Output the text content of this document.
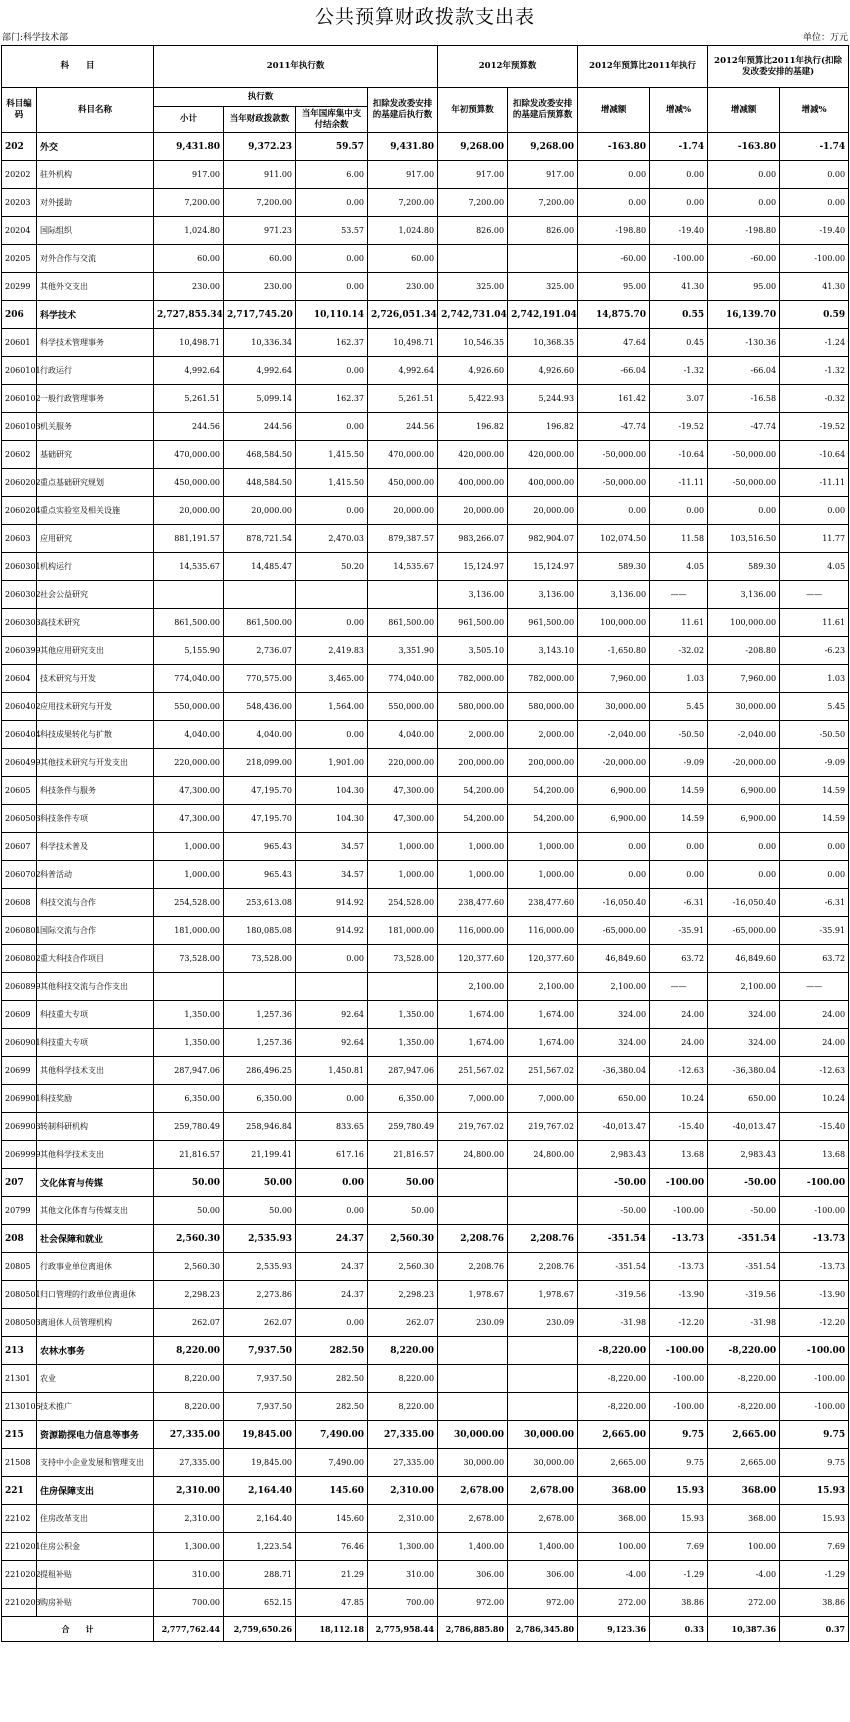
公共预算财政拨款支出表
部门:科学技术部	单位：万元
科　　目		2011年执行数				2012年预算数		2012年预算比2011年执行		2012年预算比2011年执行(扣除发改委安排的基建)	
科目编码	科目名称	执行数			扣除发改委安排的基建后执行数	年初预算数	扣除发改委安排的基建后预算数	增减额	增减%	增减额	增减%
		小计	当年财政拨款数	当年国库集中支付结余数							
202	外交	9,431.80	9,372.23	59.57	9,431.80	9,268.00	9,268.00	-163.80	-1.74	-163.80	-1.74
20202	驻外机构	917.00	911.00	6.00	917.00	917.00	917.00	0.00	0.00	0.00	0.00
20203	对外援助	7,200.00	7,200.00	0.00	7,200.00	7,200.00	7,200.00	0.00	0.00	0.00	0.00
20204	国际组织	1,024.80	971.23	53.57	1,024.80	826.00	826.00	-198.80	-19.40	-198.80	-19.40
20205	对外合作与交流	60.00	60.00	0.00	60.00			-60.00	-100.00	-60.00	-100.00
20299	其他外交支出	230.00	230.00	0.00	230.00	325.00	325.00	95.00	41.30	95.00	41.30
206	科学技术	2,727,855.34	2,717,745.20	10,110.14	2,726,051.34	2,742,731.04	2,742,191.04	14,875.70	0.55	16,139.70	0.59
20601	科学技术管理事务	10,498.71	10,336.34	162.37	10,498.71	10,546.35	10,368.35	47.64	0.45	-130.36	-1.24
2060101	行政运行	4,992.64	4,992.64	0.00	4,992.64	4,926.60	4,926.60	-66.04	-1.32	-66.04	-1.32
2060102	一般行政管理事务	5,261.51	5,099.14	162.37	5,261.51	5,422.93	5,244.93	161.42	3.07	-16.58	-0.32
2060103	机关服务	244.56	244.56	0.00	244.56	196.82	196.82	-47.74	-19.52	-47.74	-19.52
20602	基础研究	470,000.00	468,584.50	1,415.50	470,000.00	420,000.00	420,000.00	-50,000.00	-10.64	-50,000.00	-10.64
2060202	重点基础研究规划	450,000.00	448,584.50	1,415.50	450,000.00	400,000.00	400,000.00	-50,000.00	-11.11	-50,000.00	-11.11
2060204	重点实验室及相关设施	20,000.00	20,000.00	0.00	20,000.00	20,000.00	20,000.00	0.00	0.00	0.00	0.00
20603	应用研究	881,191.57	878,721.54	2,470.03	879,387.57	983,266.07	982,904.07	102,074.50	11.58	103,516.50	11.77
2060301	机构运行	14,535.67	14,485.47	50.20	14,535.67	15,124.97	15,124.97	589.30	4.05	589.30	4.05
2060302	社会公益研究					3,136.00	3,136.00	3,136.00	——	3,136.00	——
2060303	高技术研究	861,500.00	861,500.00	0.00	861,500.00	961,500.00	961,500.00	100,000.00	11.61	100,000.00	11.61
2060399	其他应用研究支出	5,155.90	2,736.07	2,419.83	3,351.90	3,505.10	3,143.10	-1,650.80	-32.02	-208.80	-6.23
20604	技术研究与开发	774,040.00	770,575.00	3,465.00	774,040.00	782,000.00	782,000.00	7,960.00	1.03	7,960.00	1.03
2060402	应用技术研究与开发	550,000.00	548,436.00	1,564.00	550,000.00	580,000.00	580,000.00	30,000.00	5.45	30,000.00	5.45
2060404	科技成果转化与扩散	4,040.00	4,040.00	0.00	4,040.00	2,000.00	2,000.00	-2,040.00	-50.50	-2,040.00	-50.50
2060499	其他技术研究与开发支出	220,000.00	218,099.00	1,901.00	220,000.00	200,000.00	200,000.00	-20,000.00	-9.09	-20,000.00	-9.09
20605	科技条件与服务	47,300.00	47,195.70	104.30	47,300.00	54,200.00	54,200.00	6,900.00	14.59	6,900.00	14.59
2060503	科技条件专项	47,300.00	47,195.70	104.30	47,300.00	54,200.00	54,200.00	6,900.00	14.59	6,900.00	14.59
20607	科学技术普及	1,000.00	965.43	34.57	1,000.00	1,000.00	1,000.00	0.00	0.00	0.00	0.00
2060702	科普活动	1,000.00	965.43	34.57	1,000.00	1,000.00	1,000.00	0.00	0.00	0.00	0.00
20608	科技交流与合作	254,528.00	253,613.08	914.92	254,528.00	238,477.60	238,477.60	-16,050.40	-6.31	-16,050.40	-6.31
2060801	国际交流与合作	181,000.00	180,085.08	914.92	181,000.00	116,000.00	116,000.00	-65,000.00	-35.91	-65,000.00	-35.91
2060802	重大科技合作项目	73,528.00	73,528.00	0.00	73,528.00	120,377.60	120,377.60	46,849.60	63.72	46,849.60	63.72
2060899	其他科技交流与合作支出					2,100.00	2,100.00	2,100.00	——	2,100.00	——
20609	科技重大专项	1,350.00	1,257.36	92.64	1,350.00	1,674.00	1,674.00	324.00	24.00	324.00	24.00
2060901	科技重大专项	1,350.00	1,257.36	92.64	1,350.00	1,674.00	1,674.00	324.00	24.00	324.00	24.00
20699	其他科学技术支出	287,947.06	286,496.25	1,450.81	287,947.06	251,567.02	251,567.02	-36,380.04	-12.63	-36,380.04	-12.63
2069901	科技奖励	6,350.00	6,350.00	0.00	6,350.00	7,000.00	7,000.00	650.00	10.24	650.00	10.24
2069903	转制科研机构	259,780.49	258,946.84	833.65	259,780.49	219,767.02	219,767.02	-40,013.47	-15.40	-40,013.47	-15.40
2069999	其他科学技术支出	21,816.57	21,199.41	617.16	21,816.57	24,800.00	24,800.00	2,983.43	13.68	2,983.43	13.68
207	文化体育与传媒	50.00	50.00	0.00	50.00			-50.00	-100.00	-50.00	-100.00
20799	其他文化体育与传媒支出	50.00	50.00	0.00	50.00			-50.00	-100.00	-50.00	-100.00
208	社会保障和就业	2,560.30	2,535.93	24.37	2,560.30	2,208.76	2,208.76	-351.54	-13.73	-351.54	-13.73
20805	行政事业单位离退休	2,560.30	2,535.93	24.37	2,560.30	2,208.76	2,208.76	-351.54	-13.73	-351.54	-13.73
2080501	归口管理的行政单位离退休	2,298.23	2,273.86	24.37	2,298.23	1,978.67	1,978.67	-319.56	-13.90	-319.56	-13.90
2080503	离退休人员管理机构	262.07	262.07	0.00	262.07	230.09	230.09	-31.98	-12.20	-31.98	-12.20
213	农林水事务	8,220.00	7,937.50	282.50	8,220.00			-8,220.00	-100.00	-8,220.00	-100.00
21301	农业	8,220.00	7,937.50	282.50	8,220.00			-8,220.00	-100.00	-8,220.00	-100.00
2130106	技术推广	8,220.00	7,937.50	282.50	8,220.00			-8,220.00	-100.00	-8,220.00	-100.00
215	资源勘探电力信息等事务	27,335.00	19,845.00	7,490.00	27,335.00	30,000.00	30,000.00	2,665.00	9.75	2,665.00	9.75
21508	支持中小企业发展和管理支出	27,335.00	19,845.00	7,490.00	27,335.00	30,000.00	30,000.00	2,665.00	9.75	2,665.00	9.75
221	住房保障支出	2,310.00	2,164.40	145.60	2,310.00	2,678.00	2,678.00	368.00	15.93	368.00	15.93
22102	住房改革支出	2,310.00	2,164.40	145.60	2,310.00	2,678.00	2,678.00	368.00	15.93	368.00	15.93
2210201	住房公积金	1,300.00	1,223.54	76.46	1,300.00	1,400.00	1,400.00	100.00	7.69	100.00	7.69
2210202	提租补贴	310.00	288.71	21.29	310.00	306.00	306.00	-4.00	-1.29	-4.00	-1.29
2210203	购房补贴	700.00	652.15	47.85	700.00	972.00	972.00	272.00	38.86	272.00	38.86
合　　计		2,777,762.44	2,759,650.26	18,112.18	2,775,958.44	2,786,885.80	2,786,345.80	9,123.36	0.33	10,387.36	0.37
